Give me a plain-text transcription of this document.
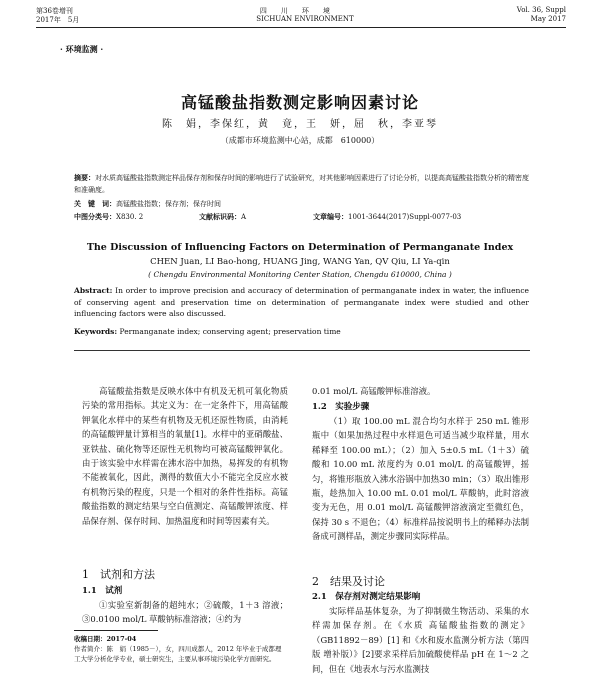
第36卷增刊	四　　川　　环　　境	Vol. 36, Suppl
2017年　5月	SICHUAN ENVIRONMENT	May 2017
· 环境监测 ·
高锰酸盐指数测定影响因素讨论
陈　娟，李保红，黄　竟，王　妍，屈　秋，李亚琴
（成都市环境监测中心站，成都　610000）
摘要：对水质高锰酸盐指数测定样品保存剂和保存时间的影响进行了试验研究，对其他影响因素进行了讨论分析，以提高高锰酸盐指数分析的精密度和准确度。
关　键　词：高锰酸盐指数；保存剂；保存时间
中图分类号：X830. 2	文献标识码：A	文章编号：1001-3644(2017)Suppl-0077-03
The Discussion of Influencing Factors on Determination of Permanganate Index
CHEN Juan, LI Bao-hong, HUANG Jing, WANG Yan, QV Qiu, LI Ya-qin
( Chengdu Environmental Monitoring Center Station, Chengdu 610000, China )
Abstract: In order to improve precision and accuracy of determination of permanganate index in water, the influence of conserving agent and preservation time on determination of permanganate index were studied and other influencing factors were also discussed.
Keywords: Permanganate index; conserving agent; preservation time
高锰酸盐指数是反映水体中有机及无机可氧化物质污染的常用指标。其定义为：在一定条件下，用高锰酸钾氧化水样中的某些有机物及无机还原性物质，由消耗的高锰酸钾量计算相当的氧量[1]。水样中的亚硝酸盐、亚铁盐、硫化物等还原性无机物均可被高锰酸钾氧化。由于该实验中水样需在沸水浴中加热，易挥发的有机物不能被氧化，因此，测得的数值大小不能完全反应水被有机物污染的程度，只是一个相对的条件性指标。高锰酸盐指数的测定结果与空白值测定、高锰酸钾浓度、样品保存剂、保存时间、加热温度和时间等因素有关。
1　试剂和方法
1.1　试剂
①实验室新制备的超纯水；②硫酸，1＋3 溶液；③0.0100 mol/L 草酸钠标准溶液；④约为
收稿日期：2017-04
作者简介：陈　娟（1985－），女，四川成都人，2012 年毕业于成都理工大学分析化学专业，硕士研究生，主要从事环境污染化学方面研究。
0.01 mol/L 高锰酸钾标准溶液。
1.2　实验步骤
（1）取 100.00 mL 混合均匀水样于 250 mL 锥形瓶中（如果加热过程中水样退色可适当减少取样量，用水稀释至 100.00 mL）；（2）加入 5±0.5 mL（1＋3）硫酸和 10.00 mL 浓度约为 0.01 mol/L 的高锰酸钾，摇匀，将锥形瓶放入沸水浴锅中加热30 min；（3）取出锥形瓶，趁热加入 10.00 mL 0.01 mol/L 草酸钠，此时溶液变为无色，用 0.01 mol/L 高锰酸钾溶液滴定至微红色，保持 30 s 不退色；（4）标准样品按说明书上的稀释办法制备成可测样品，测定步骤同实际样品。
2　结果及讨论
2.1　保存剂对测定结果影响
实际样品基体复杂，为了抑制微生物活动、采集的水样需加保存剂。在《水质 高锰酸盐指数的测定》（GB11892－89）[1] 和《水和废水监测分析方法（第四版 增补版）》[2]要求采样后加硫酸使样品 pH 在 1～2 之间，但在《地表水与污水监测技
